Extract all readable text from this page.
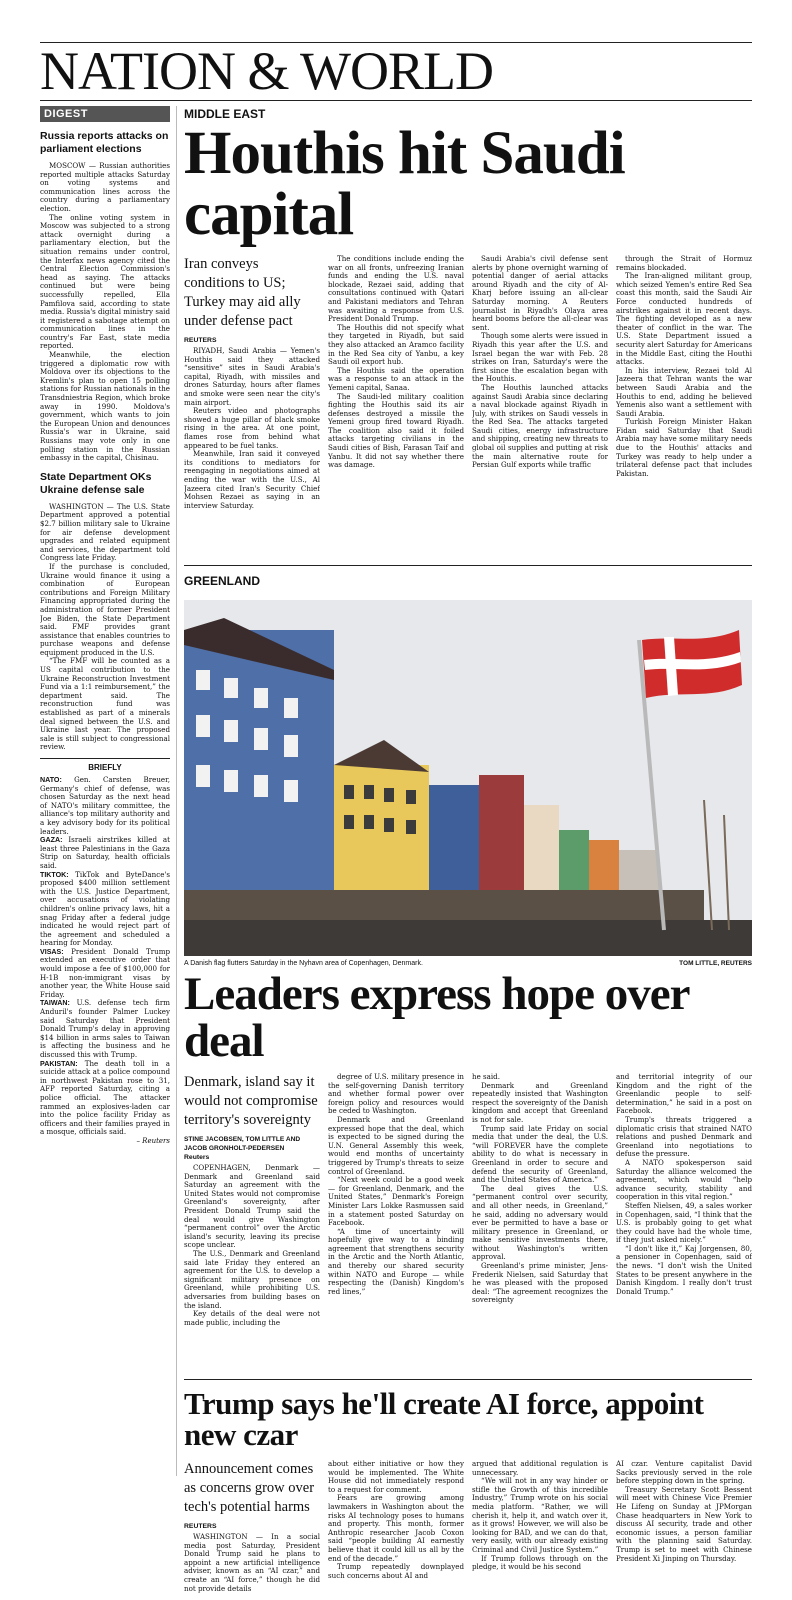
NATION & WORLD
DIGEST
Russia reports attacks on parliament elections

MOSCOW — Russian authorities reported multiple attacks Saturday on voting systems and communication lines across the country during a parliamentary election.

The online voting system in Moscow was subjected to a strong attack overnight during a parliamentary election, but the situation remains under control, the Interfax news agency cited the Central Election Commission's head as saying. The attacks continued but were being successfully repelled, Ella Pamfilova said, according to state media. Russia's digital ministry said it registered a sabotage attempt on communication lines in the country's Far East, state media reported.

Meanwhile, the election triggered a diplomatic row with Moldova over its objections to the Kremlin's plan to open 15 polling stations for Russian nationals in the Transdniestria Region, which broke away in 1990. Moldova's government, which wants to join the European Union and denounces Russia's war in Ukraine, said Russians may vote only in one polling station in the Russian embassy in the capital, Chisinau.

State Department OKs Ukraine defense sale

WASHINGTON — The U.S. State Department approved a potential $2.7 billion military sale to Ukraine for air defense development upgrades and related equipment and services, the department told Congress late Friday.

If the purchase is concluded, Ukraine would finance it using a combination of European contributions and Foreign Military Financing appropriated during the administration of former President Joe Biden, the State Department said. FMF provides grant assistance that enables countries to purchase weapons and defense equipment produced in the U.S.

“The FMF will be counted as a US capital contribution to the Ukraine Reconstruction Investment Fund via a 1:1 reimbursement,” the department said. The reconstruction fund was established as part of a minerals deal signed between the U.S. and Ukraine last year. The proposed sale is still subject to congressional review.

BRIEFLY

NATO: Gen. Carsten Breuer, Germany's chief of defense, was chosen Saturday as the next head of NATO's military committee, the alliance's top military authority and a key advisory body for its political leaders.

GAZA: Israeli airstrikes killed at least three Palestinians in the Gaza Strip on Saturday, health officials said.

TIKTOK: TikTok and ByteDance's proposed $400 million settlement with the U.S. Justice Department, over accusations of violating children's online privacy laws, hit a snag Friday after a federal judge indicated he would reject part of the agreement and scheduled a hearing for Monday.

VISAS: President Donald Trump extended an executive order that would impose a fee of $100,000 for H-1B non-immigrant visas by another year, the White House said Friday.

TAIWAN: U.S. defense tech firm Anduril's founder Palmer Luckey said Saturday that President Donald Trump's delay in approving $14 billion in arms sales to Taiwan is affecting the business and he discussed this with Trump.

PAKISTAN: The death toll in a suicide attack at a police compound in northwest Pakistan rose to 31, AFP reported Saturday, citing a police official. The attacker rammed an explosives-laden car into the police facility Friday as officers and their families prayed in a mosque, officials said.

– Reuters
MIDDLE EAST
Houthis hit Saudi capital

Iran conveys conditions to US; Turkey may aid ally under defense pact

REUTERS

RIYADH, Saudi Arabia — Yemen's Houthis said they attacked “sensitive” sites in Saudi Arabia's capital, Riyadh, with missiles and drones Saturday, hours after flames and smoke were seen near the city's main airport.

Reuters video and photographs showed a huge pillar of black smoke rising in the area. At one point, flames rose from behind what appeared to be fuel tanks.

Meanwhile, Iran said it conveyed its conditions to mediators for reengaging in negotiations aimed at ending the war with the U.S., Al Jazeera cited Iran's Security Chief Mohsen Rezaei as saying in an interview Saturday.

The conditions include ending the war on all fronts, unfreezing Iranian funds and ending the U.S. naval blockade, Rezaei said, adding that consultations continued with Qatari and Pakistani mediators and Tehran was awaiting a response from U.S. President Donald Trump.

The Houthis did not specify what they targeted in Riyadh, but said they also attacked an Aramco facility in the Red Sea city of Yanbu, a key Saudi oil export hub.

The Houthis said the operation was a response to an attack in the Yemeni capital, Sanaa.

The Saudi-led military coalition fighting the Houthis said its air defenses destroyed a missile the Yemeni group fired toward Riyadh. The coalition also said it foiled attacks targeting civilians in the Saudi cities of Bish, Farasan Taif and Yanbu. It did not say whether there was damage.

Saudi Arabia's civil defense sent alerts by phone overnight warning of potential danger of aerial attacks around Riyadh and the city of Al-Kharj before issuing an all-clear Saturday morning. A Reuters journalist in Riyadh's Olaya area heard booms before the all-clear was sent.

Though some alerts were issued in Riyadh this year after the U.S. and Israel began the war with Feb. 28 strikes on Iran, Saturday's were the first since the escalation began with the Houthis.

The Houthis launched attacks against Saudi Arabia since declaring a naval blockade against Riyadh in July, with strikes on Saudi vessels in the Red Sea. The attacks targeted Saudi cities, energy infrastructure and shipping, creating new threats to global oil supplies and putting at risk the main alternative route for Persian Gulf exports while traffic

through the Strait of Hormuz remains blockaded.

The Iran-aligned militant group, which seized Yemen's entire Red Sea coast this month, said the Saudi Air Force conducted hundreds of airstrikes against it in recent days. The fighting developed as a new theater of conflict in the war. The U.S. State Department issued a security alert Saturday for Americans in the Middle East, citing the Houthi attacks.

In his interview, Rezaei told Al Jazeera that Tehran wants the war between Saudi Arabia and the Houthis to end, adding he believed Yemenis also want a settlement with Saudi Arabia.

Turkish Foreign Minister Hakan Fidan said Saturday that Saudi Arabia may have some military needs due to the Houthis' attacks and Turkey was ready to help under a trilateral defense pact that includes Pakistan.

GREENLAND
A Danish flag flutters Saturday in the Nyhavn area of Copenhagen, Denmark.	TOM LITTLE, REUTERS
Leaders express hope over deal

Denmark, island say it would not compromise territory's sovereignty

STINE JACOBSEN, TOM LITTLE AND JACOB GRONHOLT-PEDERSEN
Reuters

COPENHAGEN, Denmark — Denmark and Greenland said Saturday an agreement with the United States would not compromise Greenland's sovereignty, after President Donald Trump said the deal would give Washington “permanent control” over the Arctic island's security, leaving its precise scope unclear.

The U.S., Denmark and Greenland said late Friday they entered an agreement for the U.S. to develop a significant military presence on Greenland, while prohibiting U.S. adversaries from building bases on the island.

Key details of the deal were not made public, including the

degree of U.S. military presence in the self-governing Danish territory and whether formal power over foreign policy and resources would be ceded to Washington.

Denmark and Greenland expressed hope that the deal, which is expected to be signed during the U.N. General Assembly this week, would end months of uncertainty triggered by Trump's threats to seize control of Greenland.

“Next week could be a good week — for Greenland, Denmark, and the United States,” Denmark's Foreign Minister Lars Lokke Rasmussen said in a statement posted Saturday on Facebook.

“A time of uncertainty will hopefully give way to a binding agreement that strengthens security in the Arctic and the North Atlantic, and thereby our shared security within NATO and Europe — while respecting the (Danish) Kingdom's red lines,”

he said.

Denmark and Greenland repeatedly insisted that Washington respect the sovereignty of the Danish kingdom and accept that Greenland is not for sale.

Trump said late Friday on social media that under the deal, the U.S. “will FOREVER have the complete ability to do what is necessary in Greenland in order to secure and defend the security of Greenland, and the United States of America.”

The deal gives the U.S. “permanent control over security, and all other needs, in Greenland,” he said, adding no adversary would ever be permitted to have a base or military presence in Greenland, or make sensitive investments there, without Washington's written approval.

Greenland's prime minister, Jens-Frederik Nielsen, said Saturday that he was pleased with the proposed deal: “The agreement recognizes the sovereignty

and territorial integrity of our Kingdom and the right of the Greenlandic people to self-determination,” he said in a post on Facebook.

Trump's threats triggered a diplomatic crisis that strained NATO relations and pushed Denmark and Greenland into negotiations to defuse the pressure.

A NATO spokesperson said Saturday the alliance welcomed the agreement, which would “help advance security, stability and cooperation in this vital region.”

Steffen Nielsen, 49, a sales worker in Copenhagen, said, “I think that the U.S. is probably going to get what they could have had the whole time, if they just asked nicely.”

“I don't like it,” Kaj Jorgensen, 80, a pensioner in Copenhagen, said of the news. “I don't wish the United States to be present anywhere in the Danish Kingdom. I really don't trust Donald Trump.”

Trump says he'll create AI force, appoint new czar

Announcement comes as concerns grow over tech's potential harms

REUTERS

WASHINGTON — In a social media post Saturday, President Donald Trump said he plans to appoint a new artificial intelligence adviser, known as an “AI czar,” and create an “AI force,” though he did not provide details

about either initiative or how they would be implemented. The White House did not immediately respond to a request for comment.

Fears are growing among lawmakers in Washington about the risks AI technology poses to humans and property. This month, former Anthropic researcher Jacob Coxon said “people building AI earnestly believe that it could kill us all by the end of the decade.”

Trump repeatedly downplayed such concerns about AI and

argued that additional regulation is unnecessary.

“We will not in any way hinder or stifle the Growth of this incredible Industry,” Trump wrote on his social media platform. “Rather, we will cherish it, help it, and watch over it, as it grows! However, we will also be looking for BAD, and we can do that, very easily, with our already existing Criminal and Civil Justice System.”

If Trump follows through on the pledge, it would be his second

AI czar. Venture capitalist David Sacks previously served in the role before stepping down in the spring.

Treasury Secretary Scott Bessent will meet with Chinese Vice Premier He Lifeng on Sunday at JPMorgan Chase headquarters in New York to discuss AI security, trade and other economic issues, a person familiar with the planning said Saturday. Trump is set to meet with Chinese President Xi Jinping on Thursday.
